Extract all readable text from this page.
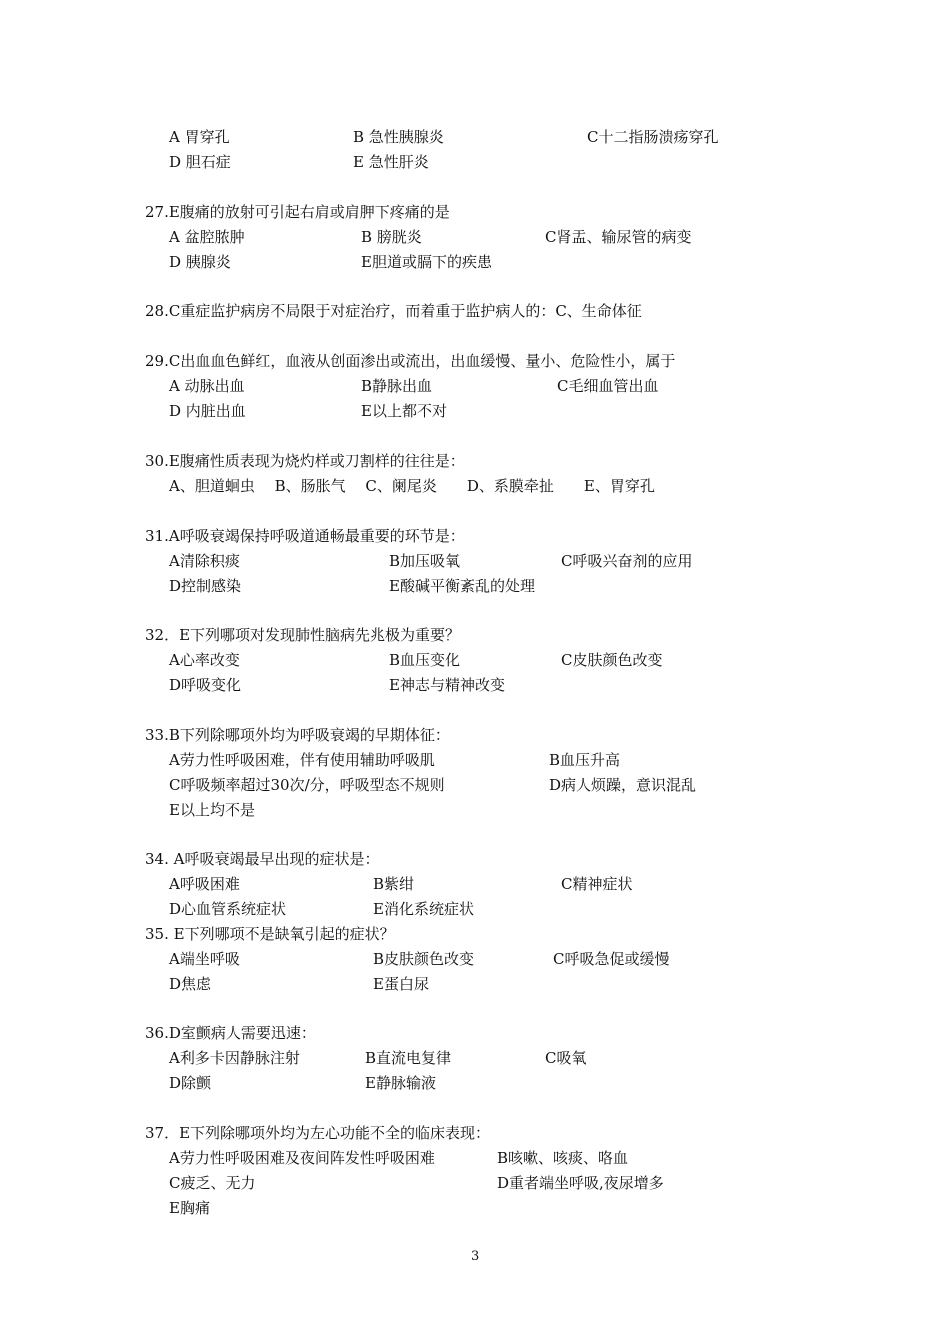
A 胃穿孔	B 急性胰腺炎	C十二指肠溃疡穿孔
D 胆石症	E 急性肝炎
27.E腹痛的放射可引起右肩或肩胛下疼痛的是
A 盆腔脓肿	B 膀胱炎	C肾盂、输尿管的病变
D 胰腺炎	E胆道或膈下的疾患
28.C重症监护病房不局限于对症治疗，而着重于监护病人的：C、生命体征
29.C出血血色鲜红，血液从创面渗出或流出，出血缓慢、量小、危险性小，属于
A 动脉出血	B静脉出血	C毛细血管出血
D 内脏出血	E以上都不对
30.E腹痛性质表现为烧灼样或刀割样的往往是：
A、胆道蛔虫　 B、肠胀气　 C、阑尾炎　　D、系膜牵扯　　E、胃穿孔
31.A呼吸衰竭保持呼吸道通畅最重要的环节是：
A清除积痰	B加压吸氧	C呼吸兴奋剂的应用
D控制感染	E酸碱平衡紊乱的处理
32．E下列哪项对发现肺性脑病先兆极为重要？
A心率改变	B血压变化	C皮肤颜色改变
D呼吸变化	E神志与精神改变
33.B下列除哪项外均为呼吸衰竭的早期体征：
A劳力性呼吸困难，伴有使用辅助呼吸肌	B血压升高
C呼吸频率超过30次/分，呼吸型态不规则	D病人烦躁，意识混乱
E以上均不是
34. A呼吸衰竭最早出现的症状是：
A呼吸困难	B紫绀	C精神症状
D心血管系统症状	E消化系统症状
35. E下列哪项不是缺氧引起的症状？
A端坐呼吸	B皮肤颜色改变	C呼吸急促或缓慢
D焦虑	E蛋白尿
36.D室颤病人需要迅速：
A利多卡因静脉注射	B直流电复律	C吸氧
D除颤	E静脉输液
37．E下列除哪项外均为左心功能不全的临床表现：
A劳力性呼吸困难及夜间阵发性呼吸困难	B咳嗽、咳痰、咯血
C疲乏、无力	D重者端坐呼吸,夜尿增多
E胸痛
3
